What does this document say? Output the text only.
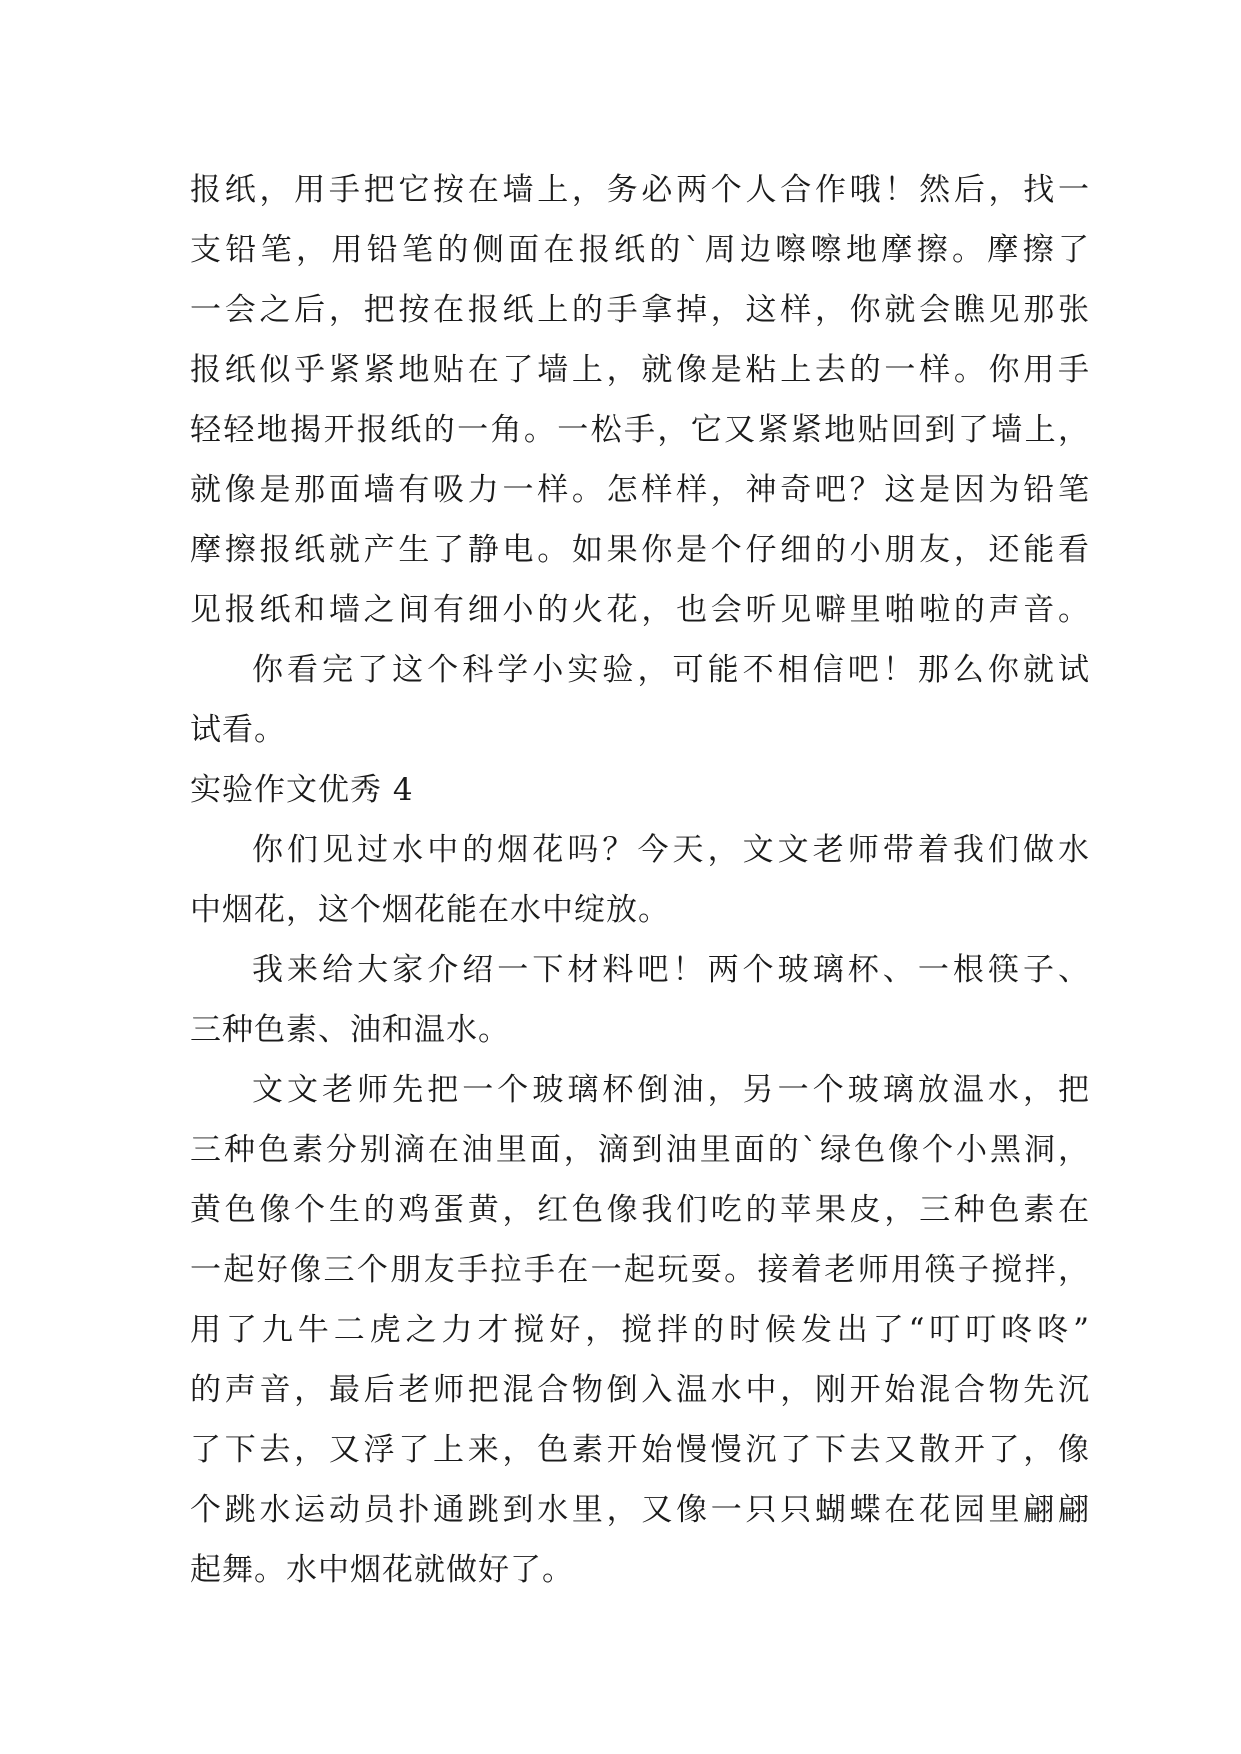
报纸，用手把它按在墙上，务必两个人合作哦！然后，找一
支铅笔，用铅笔的侧面在报纸的`周边嚓嚓地摩擦。摩擦了
一会之后，把按在报纸上的手拿掉，这样，你就会瞧见那张
报纸似乎紧紧地贴在了墙上，就像是粘上去的一样。你用手
轻轻地揭开报纸的一角。一松手，它又紧紧地贴回到了墙上，
就像是那面墙有吸力一样。怎样样，神奇吧？这是因为铅笔
摩擦报纸就产生了静电。如果你是个仔细的小朋友，还能看
见报纸和墙之间有细小的火花，也会听见噼里啪啦的声音。
你看完了这个科学小实验，可能不相信吧！那么你就试
试看。
实验作文优秀 4
你们见过水中的烟花吗？今天，文文老师带着我们做水
中烟花，这个烟花能在水中绽放。
我来给大家介绍一下材料吧！两个玻璃杯、一根筷子、
三种色素、油和温水。
文文老师先把一个玻璃杯倒油，另一个玻璃放温水，把
三种色素分别滴在油里面，滴到油里面的`绿色像个小黑洞，
黄色像个生的鸡蛋黄，红色像我们吃的苹果皮，三种色素在
一起好像三个朋友手拉手在一起玩耍。接着老师用筷子搅拌，
用了九牛二虎之力才搅好，搅拌的时候发出了“叮叮咚咚”
的声音，最后老师把混合物倒入温水中，刚开始混合物先沉
了下去，又浮了上来，色素开始慢慢沉了下去又散开了，像
个跳水运动员扑通跳到水里，又像一只只蝴蝶在花园里翩翩
起舞。水中烟花就做好了。
